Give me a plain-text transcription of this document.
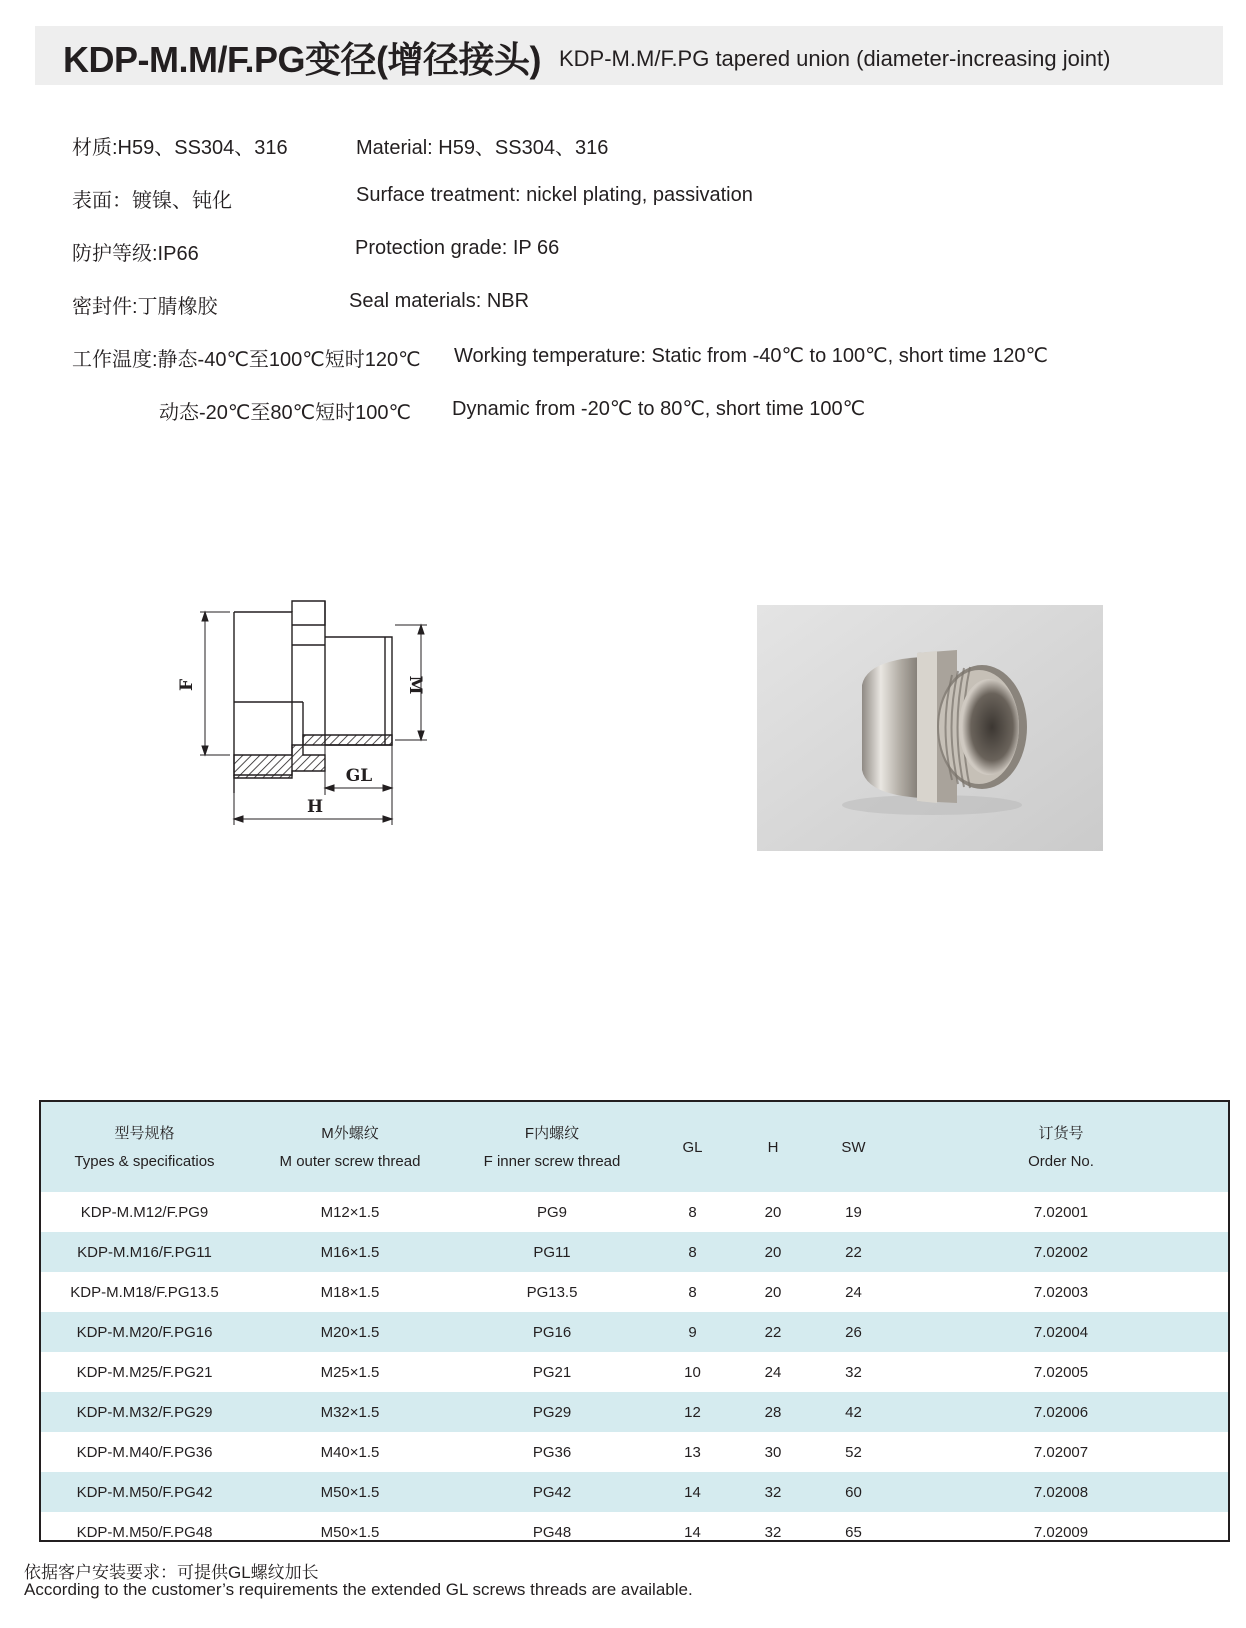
KDP-M.M/F.PG变径(增径接头) KDP-M.M/F.PG tapered union (diameter-increasing joint)
材质:H59、SS304、316	Material: H59、SS304、316
表面：镀镍、钝化	Surface treatment: nickel plating, passivation
防护等级:IP66	Protection grade: IP 66
密封件:丁腈橡胶	Seal materials: NBR
工作温度:静态-40℃至100℃短时120℃ Working temperature: Static from -40℃ to 100℃, short time 120℃
动态-20℃至80℃短时100℃ Dynamic from -20℃ to 80℃, short time 100℃
F	M
GL
H
型号规格	M外螺纹	F内螺纹	GL	H	SW	订货号
Types & specificatios	M outer screw thread	F inner screw thread				Order No.
KDP-M.M12/F.PG9	M12×1.5	PG9	8	20	19	7.02001
KDP-M.M16/F.PG11	M16×1.5	PG11	8	20	22	7.02002
KDP-M.M18/F.PG13.5	M18×1.5	PG13.5	8	20	24	7.02003
KDP-M.M20/F.PG16	M20×1.5	PG16	9	22	26	7.02004
KDP-M.M25/F.PG21	M25×1.5	PG21	10	24	32	7.02005
KDP-M.M32/F.PG29	M32×1.5	PG29	12	28	42	7.02006
KDP-M.M40/F.PG36	M40×1.5	PG36	13	30	52	7.02007
KDP-M.M50/F.PG42	M50×1.5	PG42	14	32	60	7.02008
KDP-M.M50/F.PG48	M50×1.5	PG48	14	32	65	7.02009
依据客户安装要求：可提供GL螺纹加长
According to the customer’s requirements the extended GL screws threads are available.
